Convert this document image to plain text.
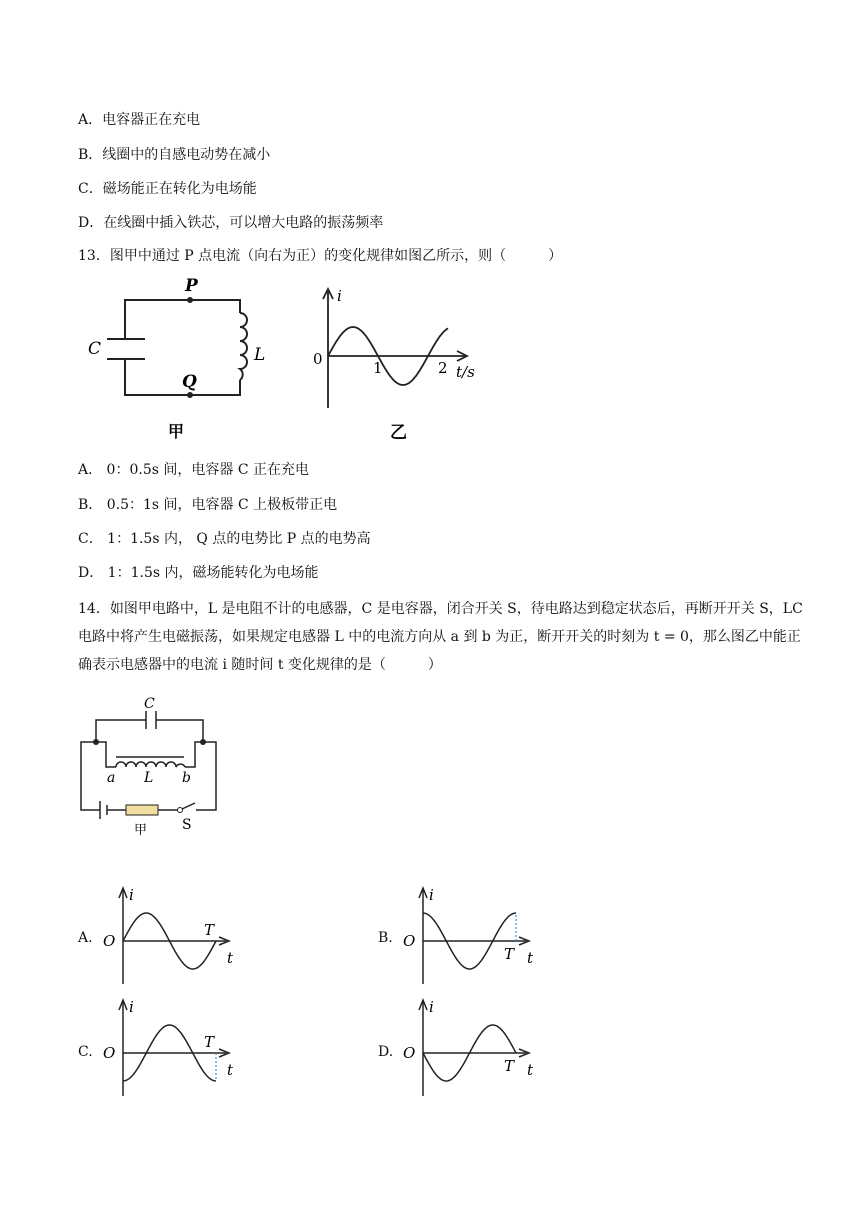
A．电容器正在充电
B．线圈中的自感电动势在减小
C．磁场能正在转化为电场能
D．在线圈中插入铁芯，可以增大电路的振荡频率
13．图甲中通过 P 点电流（向右为正）的变化规律如图乙所示，则（　　　）
C
P
Q
L
甲
i
0	1	2 t/s
乙
A． 0：0.5s 间，电容器 C 正在充电
B． 0.5：1s 间，电容器 C 上极板带正电
C． 1：1.5s 内， Q 点的电势比 P 点的电势高
D． 1：1.5s 内，磁场能转化为电场能
14．如图甲电路中，L 是电阻不计的电感器，C 是电容器，闭合开关 S，待电路达到稳定状态后，再断开开关 S，LC 电路中将产生电磁振荡，如果规定电感器 L 中的电流方向从 a 到 b 为正，断开开关的时刻为 t = 0，那么图乙中能正确表示电感器中的电流 i 随时间 t 变化规律的是（　　　）
C
a L b
S
甲
A.
i
O
T
t
B.
i
O
T t
C.
i
O
T
t
D.
i
O
T t
